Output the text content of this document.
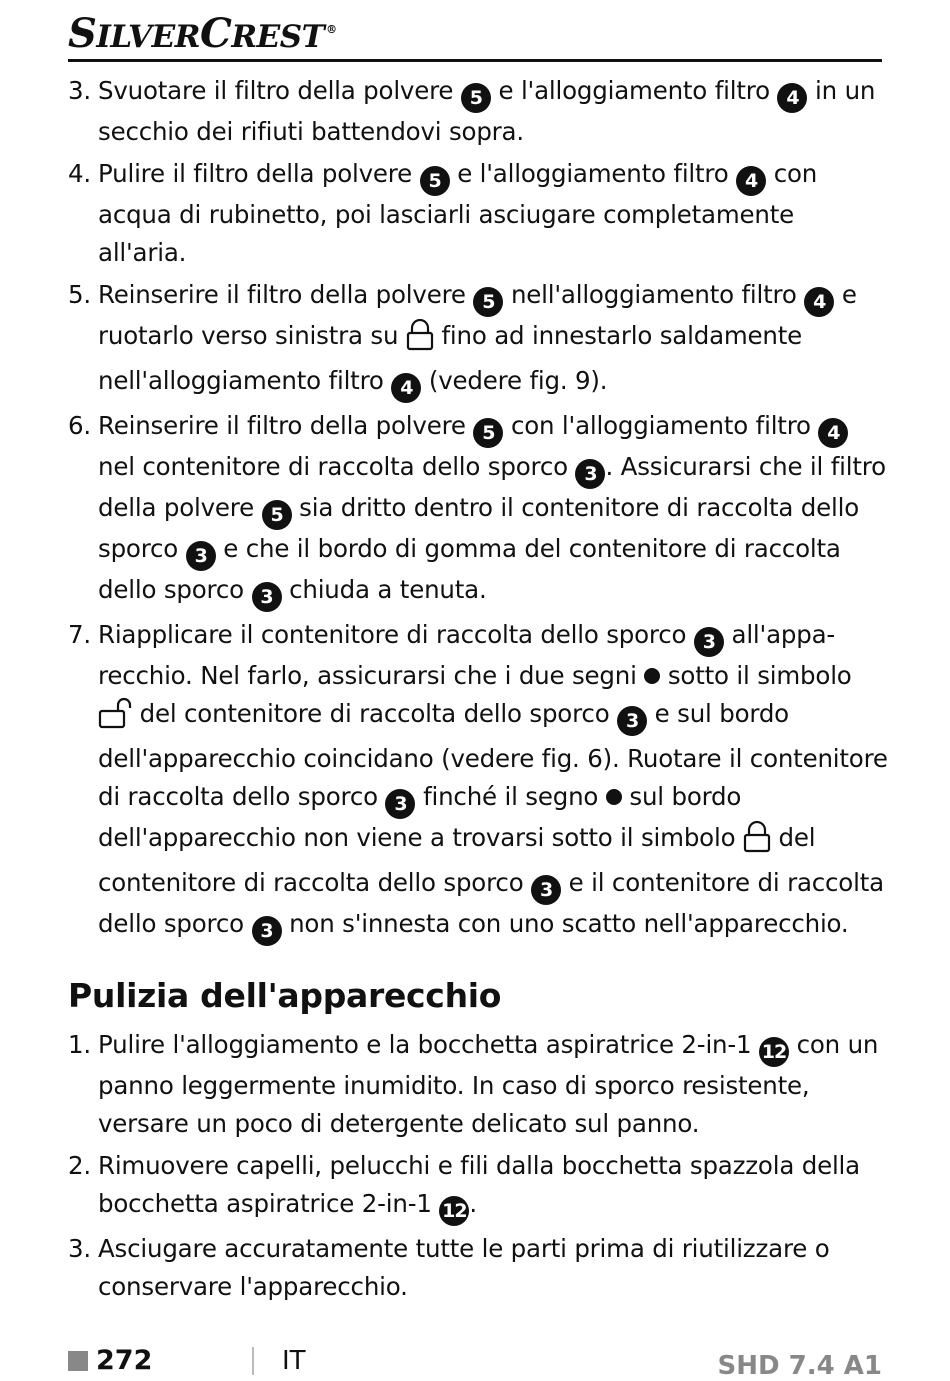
SILVERCREST ®
3. Svuotare il filtro della polvere 5 e l'alloggiamento filtro 4 in un secchio dei rifiuti battendovi sopra.
4. Pulire il filtro della polvere 5 e l'alloggiamento filtro 4 con acqua di rubinetto, poi lasciarli asciugare completamente all'aria.
5. Reinserire il filtro della polvere 5 nell'alloggiamento filtro 4 e ruotarlo verso sinistra su  fino ad innestarlo saldamente nell'alloggiamento filtro 4 (vedere fig. 9).
6. Reinserire il filtro della polvere 5 con l'alloggiamento filtro 4 nel contenitore di raccolta dello sporco 3 . Assicurarsi che il filtro della polvere 5 sia dritto dentro il contenitore di raccolta dello sporco 3 e che il bordo di gomma del contenitore di raccolta dello sporco 3 chiuda a tenuta.
7. Riapplicare il contenitore di raccolta dello sporco 3 all'apparecchio. Nel farlo, assicurarsi che i due segni  sotto il simbolo  del contenitore di raccolta dello sporco 3 e sul bordo dell'apparecchio coincidano (vedere fig. 6). Ruotare il contenitore di raccolta dello sporco 3 finché il segno  sul bordo dell'apparecchio non viene a trovarsi sotto il simbolo  del contenitore di raccolta dello sporco 3 e il contenitore di raccolta dello sporco 3 non s'innesta con uno scatto nell'apparecchio.
Pulizia dell'apparecchio
1. Pulire l'alloggiamento e la bocchetta aspiratrice 2-in-1 12 con un panno leggermente inumidito. In caso di sporco resistente, versare un poco di detergente delicato sul panno.
2. Rimuovere capelli, pelucchi e fili dalla bocchetta spazzola della bocchetta aspiratrice 2-in-1 12 .
3. Asciugare accuratamente tutte le parti prima di riutilizzare o conservare l'apparecchio.
272	IT	SHD 7.4 A1
